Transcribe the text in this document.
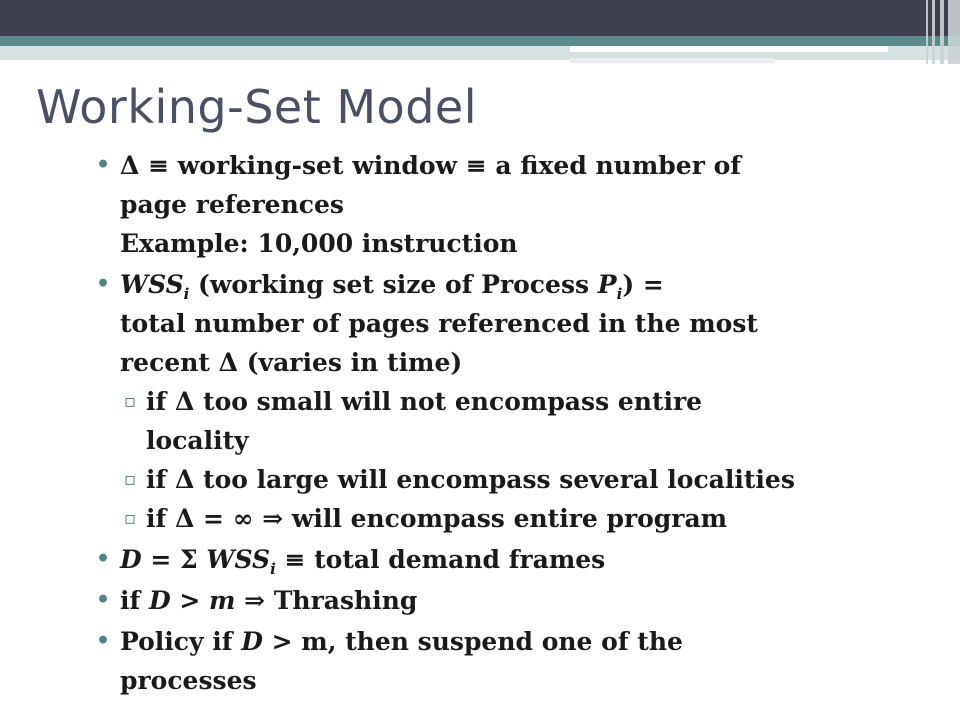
Working-Set Model
• Δ ≡ working-set window ≡ a fixed number of
page references
Example: 10,000 instruction
• $WSS_i$ (working set size of Process $P_i$) =
total number of pages referenced in the most
recent Δ (varies in time)
▫ if Δ too small will not encompass entire
locality
▫ if Δ too large will encompass several localities
▫ if Δ = ∞ ⇒ will encompass entire program
• D = Σ $WSS_i$ ≡ total demand frames
• if D > m ⇒ Thrashing
• Policy if D > m, then suspend one of the
processes
